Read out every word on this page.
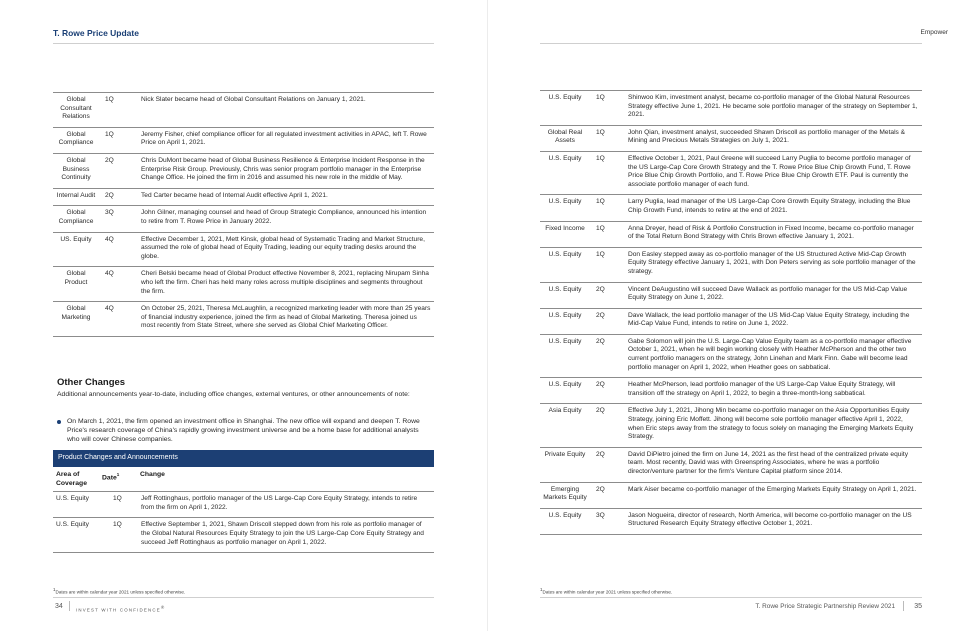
T. Rowe Price Update
Global Consultant Relations	1Q	Nick Slater became head of Global Consultant Relations on January 1, 2021.
Global Compliance	1Q	Jeremy Fisher, chief compliance officer for all regulated investment activities in APAC, left T. Rowe Price on April 1, 2021.
Global Business Continuity	2Q	Chris DuMont became head of Global Business Resilience & Enterprise Incident Response in the Enterprise Risk Group. Previously, Chris was senior program portfolio manager in the Enterprise Change Office. He joined the firm in 2016 and assumed his new role in the middle of May.
Internal Audit	2Q	Ted Carter became head of Internal Audit effective April 1, 2021.
Global Compliance	3Q	John Gilner, managing counsel and head of Group Strategic Compliance, announced his intention to retire from T. Rowe Price in January 2022.
US. Equity	4Q	Effective December 1, 2021, Mett Kinsk, global head of Systematic Trading and Market Structure, assumed the role of global head of Equity Trading, leading our equity trading desks around the globe.
Global Product	4Q	Cheri Belski became head of Global Product effective November 8, 2021, replacing Nirupam Sinha who left the firm. Cheri has held many roles across multiple disciplines and segments throughout the firm.
Global Marketing	4Q	On October 25, 2021, Theresa McLaughlin, a recognized marketing leader with more than 25 years of financial industry experience, joined the firm as head of Global Marketing. Theresa joined us most recently from State Street, where she served as Global Chief Marketing Officer.
Other Changes
Additional announcements year-to-date, including office changes, external ventures, or other announcements of note:
On March 1, 2021, the firm opened an investment office in Shanghai. The new office will expand and deepen T. Rowe Price's research coverage of China's rapidly growing investment universe and be a home base for additional analysts who will cover Chinese companies.
Product Changes and Announcements
Area of Coverage	Date$^1$	Change
U.S. Equity	1Q	Jeff Rottinghaus, portfolio manager of the US Large-Cap Core Equity Strategy, intends to retire from the firm on April 1, 2022.
U.S. Equity	1Q	Effective September 1, 2021, Shawn Driscoll stepped down from his role as portfolio manager of the Global Natural Resources Equity Strategy to join the US Large-Cap Core Equity Strategy and succeed Jeff Rottinghaus as portfolio manager on April 1, 2022.
$^1$Dates are within calendar year 2021 unless specified otherwise.
34	INVEST WITH CONFIDENCE®
Empower
U.S. Equity	1Q	Shinwoo Kim, investment analyst, became co-portfolio manager of the Global Natural Resources Strategy effective June 1, 2021. He became sole portfolio manager of the strategy on September 1, 2021.
Global Real Assets	1Q	John Qian, investment analyst, succeeded Shawn Driscoll as portfolio manager of the Metals & Mining and Precious Metals Strategies on July 1, 2021.
U.S. Equity	1Q	Effective October 1, 2021, Paul Greene will succeed Larry Puglia to become portfolio manager of the US Large-Cap Core Growth Strategy and the T. Rowe Price Blue Chip Growth Fund, T. Rowe Price Blue Chip Growth Portfolio, and T. Rowe Price Blue Chip Growth ETF. Paul is currently the associate portfolio manager of each fund.
U.S. Equity	1Q	Larry Puglia, lead manager of the US Large-Cap Core Growth Equity Strategy, including the Blue Chip Growth Fund, intends to retire at the end of 2021.
Fixed Income	1Q	Anna Dreyer, head of Risk & Portfolio Construction in Fixed Income, became co-portfolio manager of the Total Return Bond Strategy with Chris Brown effective January 1, 2021.
U.S. Equity	1Q	Don Easley stepped away as co-portfolio manager of the US Structured Active Mid-Cap Growth Equity Strategy effective January 1, 2021, with Don Peters serving as sole portfolio manager of the strategy.
U.S. Equity	2Q	Vincent DeAugustino will succeed Dave Wallack as portfolio manager for the US Mid-Cap Value Equity Strategy on June 1, 2022.
U.S. Equity	2Q	Dave Wallack, the lead portfolio manager of the US Mid-Cap Value Equity Strategy, including the Mid-Cap Value Fund, intends to retire on June 1, 2022.
U.S. Equity	2Q	Gabe Solomon will join the U.S. Large-Cap Value Equity team as a co-portfolio manager effective October 1, 2021, when he will begin working closely with Heather McPherson and the other two current portfolio managers on the strategy, John Linehan and Mark Finn. Gabe will become lead portfolio manager on April 1, 2022, when Heather goes on sabbatical.
U.S. Equity	2Q	Heather McPherson, lead portfolio manager of the US Large-Cap Value Equity Strategy, will transition off the strategy on April 1, 2022, to begin a three-month-long sabbatical.
Asia Equity	2Q	Effective July 1, 2021, Jihong Min became co-portfolio manager on the Asia Opportunities Equity Strategy, joining Eric Moffett. Jihong will become sole portfolio manager effective April 1, 2022, when Eric steps away from the strategy to focus solely on managing the Emerging Markets Equity Strategy.
Private Equity	2Q	David DiPietro joined the firm on June 14, 2021 as the first head of the centralized private equity team. Most recently, David was with Greenspring Associates, where he was a portfolio director/venture partner for the firm's Venture Capital platform since 2014.
Emerging Markets Equity	2Q	Mark Aiser became co-portfolio manager of the Emerging Markets Equity Strategy on April 1, 2021.
U.S. Equity	3Q	Jason Nogueira, director of research, North America, will become co-portfolio manager on the US Structured Research Equity Strategy effective October 1, 2021.
$^1$Dates are within calendar year 2021 unless specified otherwise.
T. Rowe Price Strategic Partnership Review 2021	35
